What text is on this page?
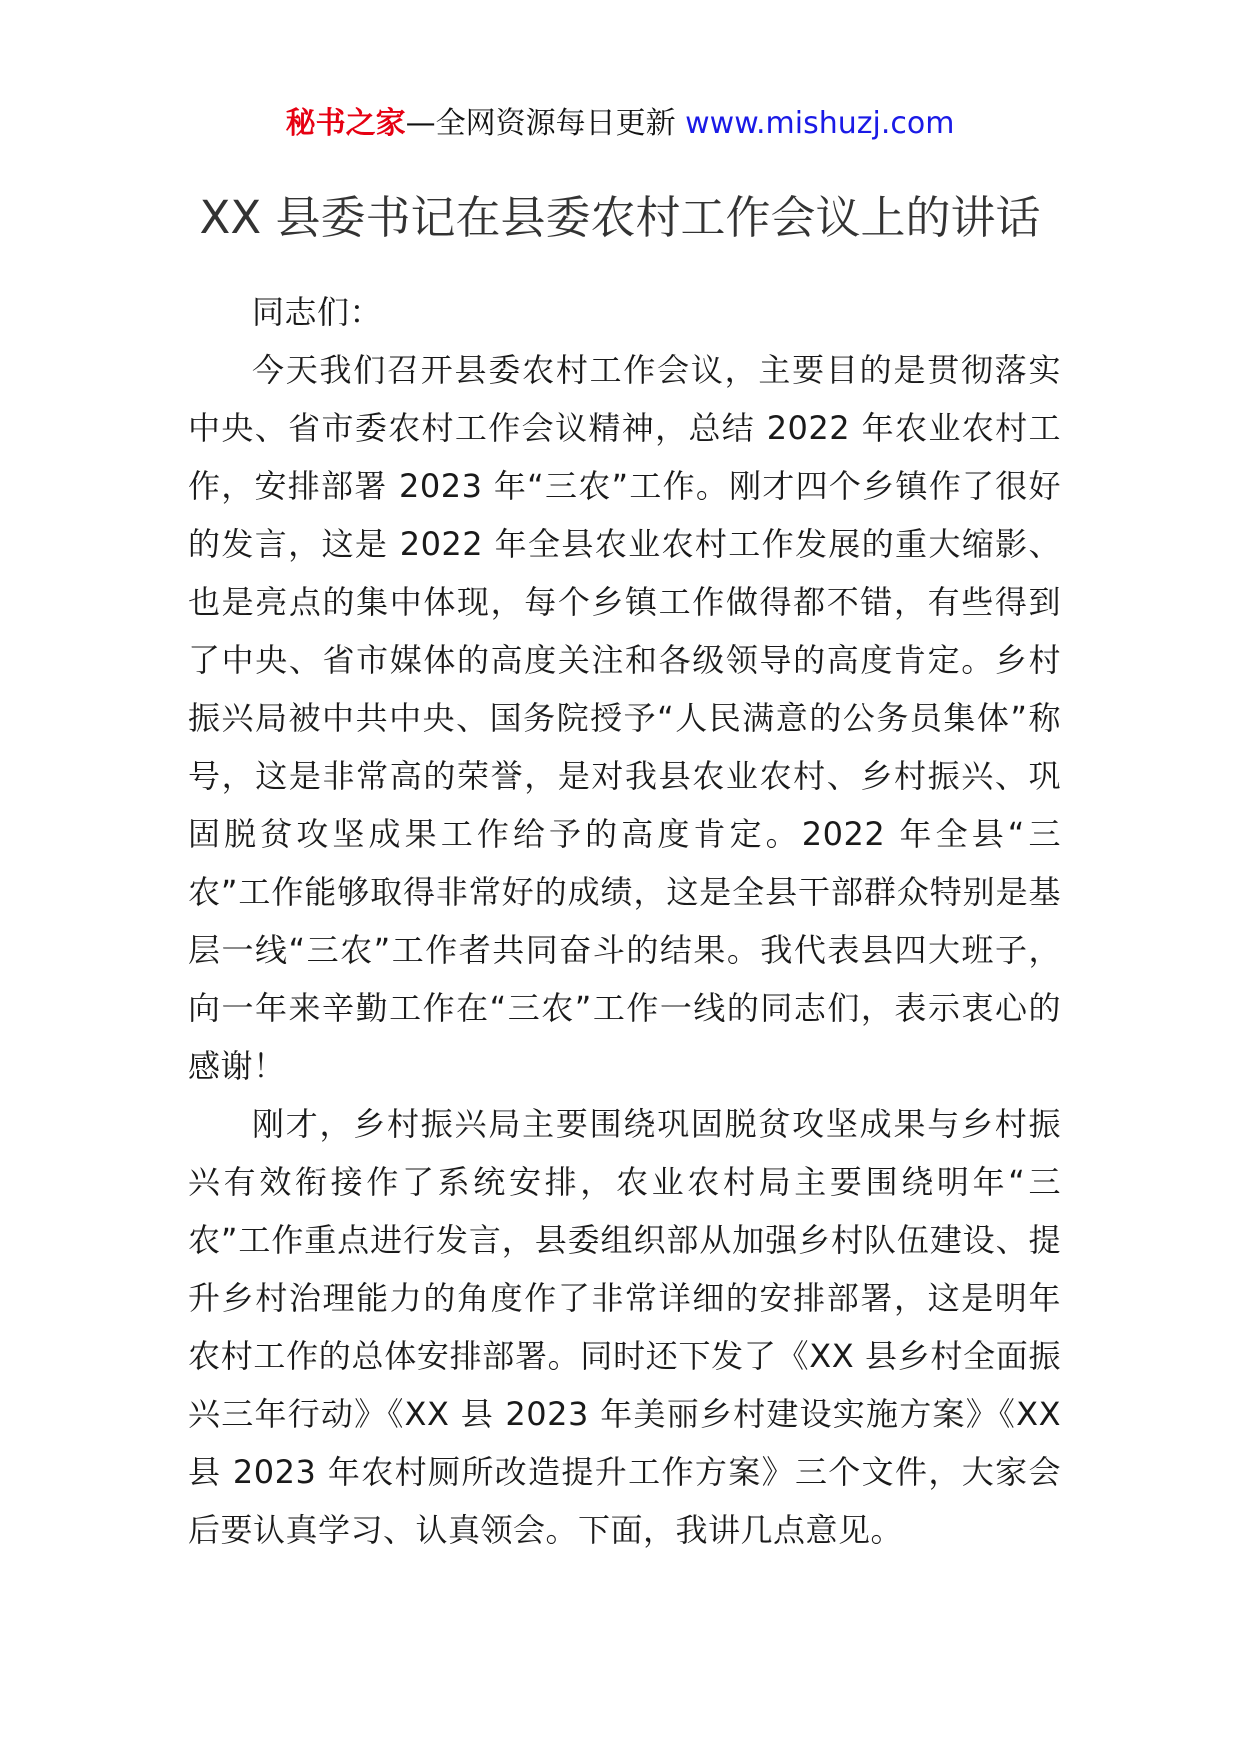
秘书之家—全网资源每日更新 www.mishuzj.com
XX 县委书记在县委农村工作会议上的讲话

同志们：

今天我们召开县委农村工作会议，主要目的是贯彻落实中央、省市委农村工作会议精神，总结 2022 年农业农村工作，安排部署 2023 年“三农”工作。刚才四个乡镇作了很好的发言，这是 2022 年全县农业农村工作发展的重大缩影、也是亮点的集中体现，每个乡镇工作做得都不错，有些得到了中央、省市媒体的高度关注和各级领导的高度肯定。乡村振兴局被中共中央、国务院授予“人民满意的公务员集体”称号，这是非常高的荣誉，是对我县农业农村、乡村振兴、巩固脱贫攻坚成果工作给予的高度肯定。2022 年全县“三农”工作能够取得非常好的成绩，这是全县干部群众特别是基层一线“三农”工作者共同奋斗的结果。我代表县四大班子，向一年来辛勤工作在“三农”工作一线的同志们，表示衷心的感谢！

刚才，乡村振兴局主要围绕巩固脱贫攻坚成果与乡村振兴有效衔接作了系统安排，农业农村局主要围绕明年“三农”工作重点进行发言，县委组织部从加强乡村队伍建设、提升乡村治理能力的角度作了非常详细的安排部署，这是明年农村工作的总体安排部署。同时还下发了《XX 县乡村全面振兴三年行动》《XX 县 2023 年美丽乡村建设实施方案》《XX 县 2023 年农村厕所改造提升工作方案》三个文件，大家会后要认真学习、认真领会。下面，我讲几点意见。
